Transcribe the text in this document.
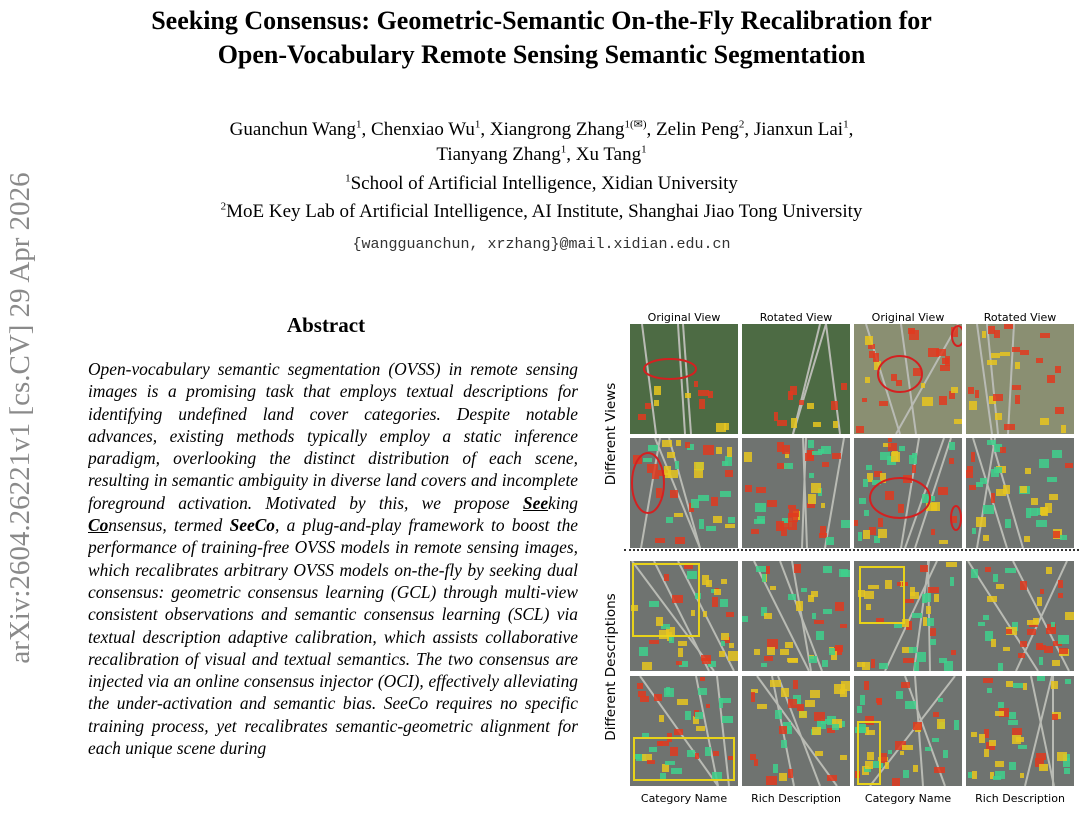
Seeking Consensus: Geometric-Semantic On-the-Fly Recalibration for
Open-Vocabulary Remote Sensing Semantic Segmentation
Guanchun Wang$^1$, Chenxiao Wu$^1$, Xiangrong Zhang$^{1(✉)}$, Zelin Peng$^2$, Jianxun Lai$^1$,
Tianyang Zhang$^1$, Xu Tang$^1$
$^1$School of Artificial Intelligence, Xidian University
$^2$MoE Key Lab of Artificial Intelligence, AI Institute, Shanghai Jiao Tong University
{wangguanchun, xrzhang}@mail.xidian.edu.cn
arXiv:2604.26221v1 [cs.CV] 29 Apr 2026	Abstract
Open-vocabulary semantic segmentation (OVSS) in remote sensing images is a promising task that employs textual descriptions for identifying undefined land cover categories. Despite notable advances, existing methods typically employ a static inference paradigm, overlooking the distinct distribution of each scene, resulting in semantic ambiguity in diverse land covers and incomplete foreground activation. Motivated by this, we propose Seeking Consensus, termed SeeCo, a plug-and-play framework to boost the performance of training-free OVSS models in remote sensing images, which recalibrates arbitrary OVSS models on-the-fly by seeking dual consensus: geometric consensus learning (GCL) through multi-view consistent observations and semantic consensus learning (SCL) via textual description adaptive calibration, which assists collaborative recalibration of visual and textual semantics. The two consensus are injected via an online consensus injector (OCI), effectively alleviating the under-activation and semantic bias. SeeCo requires no specific training process, yet recalibrates semantic-geometric alignment for each unique scene during
Original View	Rotated View	Original View	Rotated View
Different Views
Different Descriptions
Category Name	Rich Description	Category Name	Rich Description
